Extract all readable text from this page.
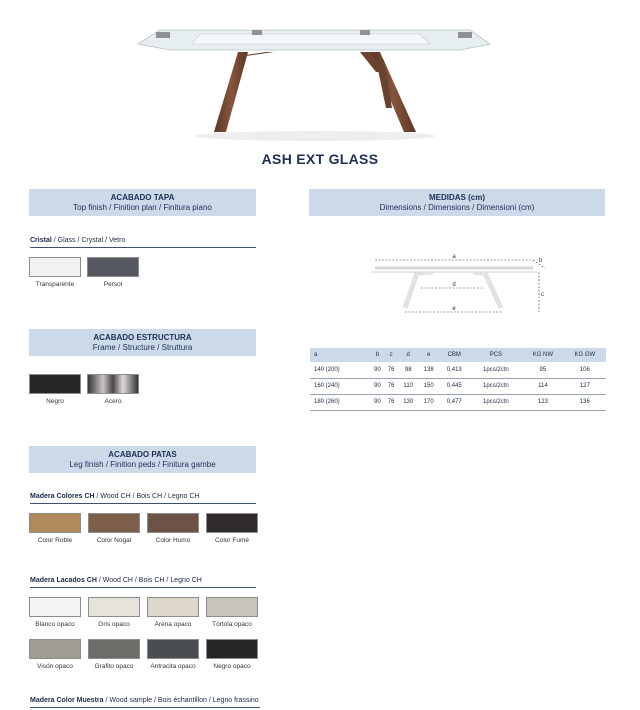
ASH EXT GLASS
ACABADO TAPA
Top finish / Finition plan / Finitura piano
Cristal / Glass / Crystal / Vetro
Transparente	Persol
ACABADO ESTRUCTURA
Frame / Structure / Struttura
Negro	Acero
ACABADO PATAS
Leg finish / Finition peds / Finitura gambe
Madera Colores CH / Wood CH / Bois CH / Legno CH
Color Roble	Color Nogal	Color Humo	Color Fumé
Madera Lacados CH / Wood CH / Bois CH / Legno CH
Blanco opaco	Gris opaco	Arena opaco	Tórtola opaco
Visón opaco	Grafito opaco	Antracita opaco	Negro opaco
Madera Color Muestra / Wood sample / Bois échantillon / Legno frassino
MEDIDAS (cm)
Dimensions / Dimensions / Dimensioni (cm)
a
b
c
d
e
a	b	c	d	e	CBM	PCS	KG NW	KG GW
140 (200)	90	76	98	138	0,413	1pcs/2ctn	95	106
160 (240)	90	76	110	150	0,445	1pcs/2ctn	114	127
180 (260)	90	76	130	170	0,477	1pcs/2ctn	123	136
